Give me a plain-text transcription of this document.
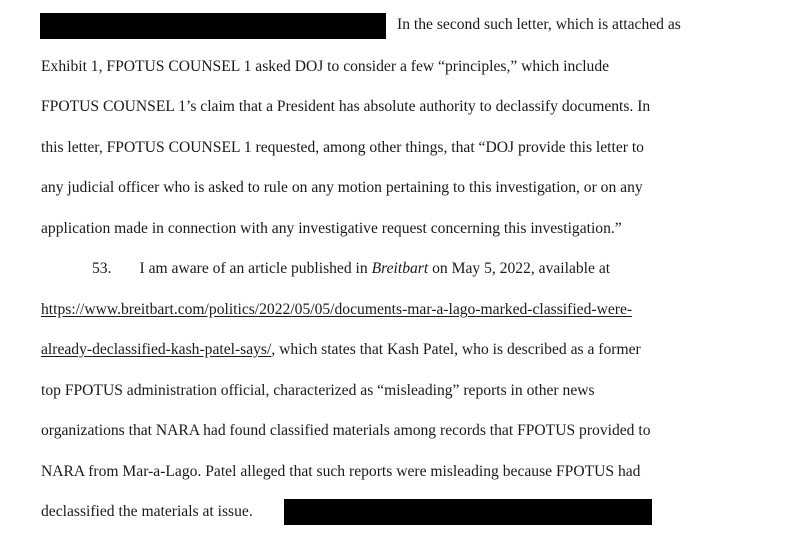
In the second such letter, which is attached as
Exhibit 1, FPOTUS COUNSEL 1 asked DOJ to consider a few “principles,” which include
FPOTUS COUNSEL 1’s claim that a President has absolute authority to declassify documents. In
this letter, FPOTUS COUNSEL 1 requested, among other things, that “DOJ provide this letter to
any judicial officer who is asked to rule on any motion pertaining to this investigation, or on any
application made in connection with any investigative request concerning this investigation.”
53. I am aware of an article published in Breitbart on May 5, 2022, available at
https://www.breitbart.com/politics/2022/05/05/documents-mar-a-lago-marked-classified-were-
already-declassified-kash-patel-says/, which states that Kash Patel, who is described as a former
top FPOTUS administration official, characterized as “misleading” reports in other news
organizations that NARA had found classified materials among records that FPOTUS provided to
NARA from Mar-a-Lago. Patel alleged that such reports were misleading because FPOTUS had
declassified the materials at issue.
